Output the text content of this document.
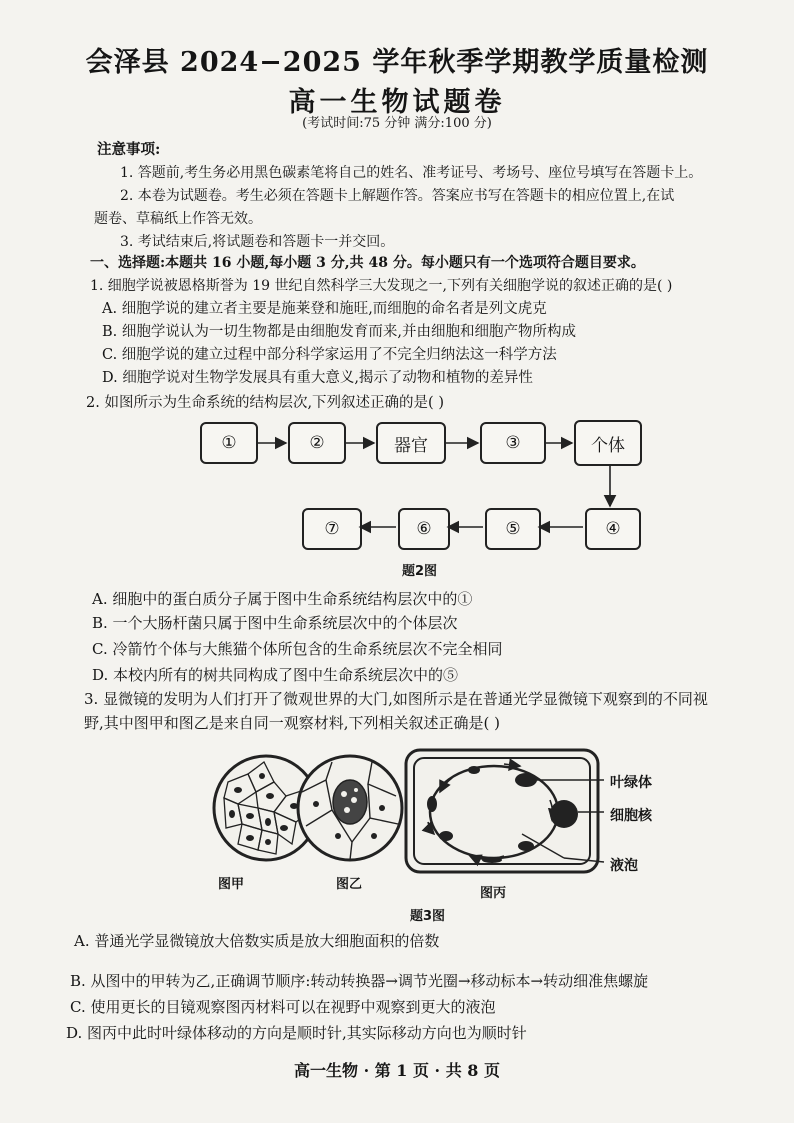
会泽县 2024−2025 学年秋季学期教学质量检测
高一生物试题卷
(考试时间:75 分钟 满分:100 分)
注意事项:
1. 答题前,考生务必用黑色碳素笔将自己的姓名、准考证号、考场号、座位号填写在答题卡上。
2. 本卷为试题卷。考生必须在答题卡上解题作答。答案应书写在答题卡的相应位置上,在试
题卷、草稿纸上作答无效。
3. 考试结束后,将试题卷和答题卡一并交回。
一、选择题:本题共 16 小题,每小题 3 分,共 48 分。每小题只有一个选项符合题目要求。
1. 细胞学说被恩格斯誉为 19 世纪自然科学三大发现之一,下列有关细胞学说的叙述正确的是( )
A. 细胞学说的建立者主要是施莱登和施旺,而细胞的命名者是列文虎克
B. 细胞学说认为一切生物都是由细胞发育而来,并由细胞和细胞产物所构成
C. 细胞学说的建立过程中部分科学家运用了不完全归纳法这一科学方法
D. 细胞学说对生物学发展具有重大意义,揭示了动物和植物的差异性
2. 如图所示为生命系统的结构层次,下列叙述正确的是( )
①	②	器官	③	个体
④
⑤
⑥
⑦
题2图
A. 细胞中的蛋白质分子属于图中生命系统结构层次中的①
B. 一个大肠杆菌只属于图中生命系统层次中的个体层次
C. 冷箭竹个体与大熊猫个体所包含的生命系统层次不完全相同
D. 本校内所有的树共同构成了图中生命系统层次中的⑤
3. 显微镜的发明为人们打开了微观世界的大门,如图所示是在普通光学显微镜下观察到的不同视
野,其中图甲和图乙是来自同一观察材料,下列相关叙述正确是( )
图甲	图乙
图丙
叶绿体
细胞核
液泡
题3图
A. 普通光学显微镜放大倍数实质是放大细胞面积的倍数
B. 从图中的甲转为乙,正确调节顺序:转动转换器→调节光圈→移动标本→转动细准焦螺旋
C. 使用更长的目镜观察图丙材料可以在视野中观察到更大的液泡
D. 图丙中此时叶绿体移动的方向是顺时针,其实际移动方向也为顺时针
高一生物 · 第 1 页 · 共 8 页
